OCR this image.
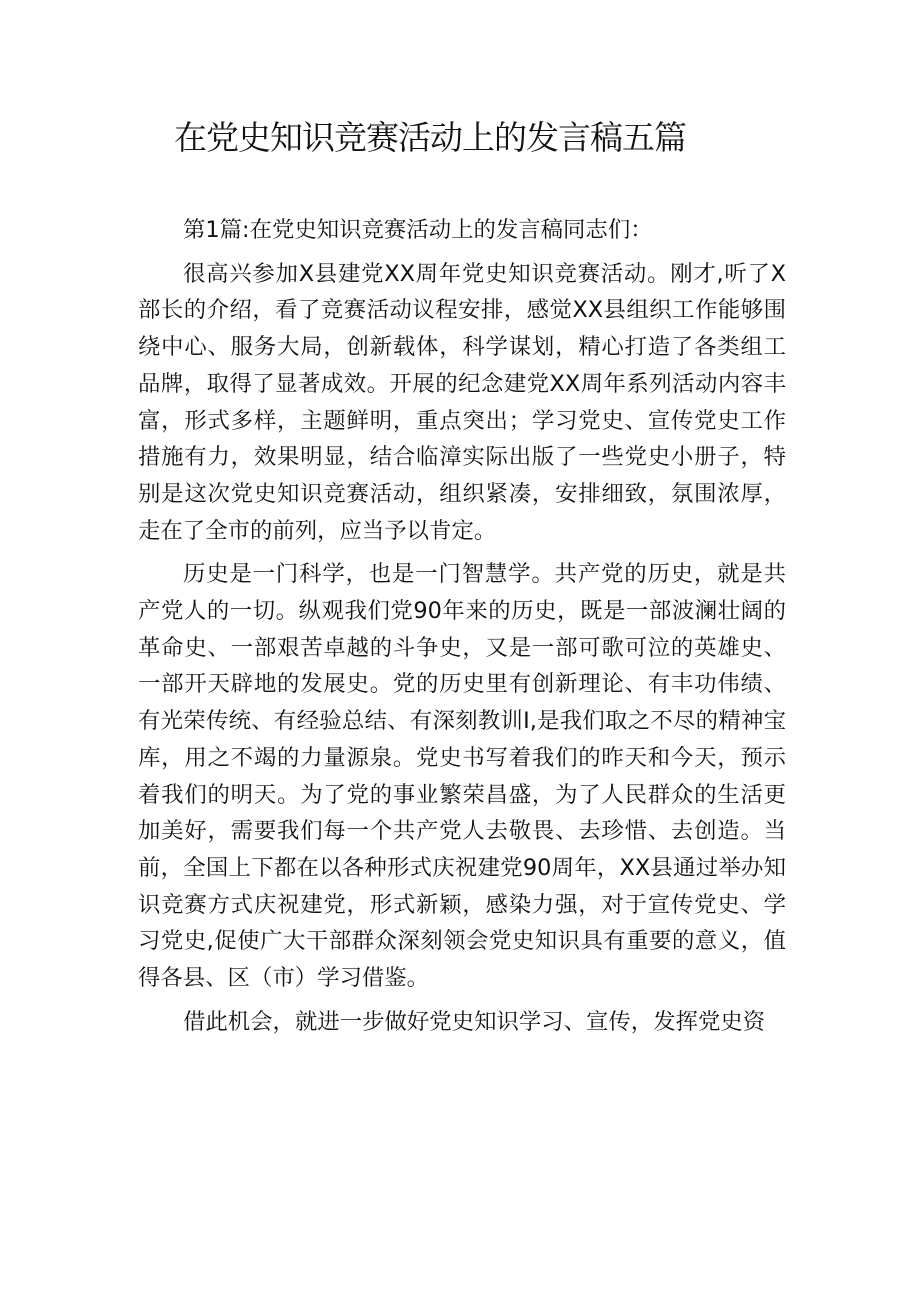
在党史知识竞赛活动上的发言稿五篇

第1篇:在党史知识竞赛活动上的发言稿同志们：

很高兴参加X县建党XX周年党史知识竞赛活动。刚才,听了X部长的介绍，看了竞赛活动议程安排，感觉XX县组织工作能够围绕中心、服务大局，创新载体，科学谋划，精心打造了各类组工品牌，取得了显著成效。开展的纪念建党XX周年系列活动内容丰富，形式多样，主题鲜明，重点突出；学习党史、宣传党史工作措施有力，效果明显，结合临漳实际出版了一些党史小册子，特别是这次党史知识竞赛活动，组织紧凑，安排细致，氛围浓厚，走在了全市的前列，应当予以肯定。

历史是一门科学，也是一门智慧学。共产党的历史，就是共产党人的一切。纵观我们党90年来的历史，既是一部波澜壮阔的革命史、一部艰苦卓越的斗争史，又是一部可歌可泣的英雄史、一部开天辟地的发展史。党的历史里有创新理论、有丰功伟绩、有光荣传统、有经验总结、有深刻教训I,是我们取之不尽的精神宝库，用之不竭的力量源泉。党史书写着我们的昨天和今天，预示着我们的明天。为了党的事业繁荣昌盛，为了人民群众的生活更加美好，需要我们每一个共产党人去敬畏、去珍惜、去创造。当前，全国上下都在以各种形式庆祝建党90周年，XX县通过举办知识竞赛方式庆祝建党，形式新颖，感染力强，对于宣传党史、学习党史,促使广大干部群众深刻领会党史知识具有重要的意义，值得各县、区（市）学习借鉴。

借此机会，就进一步做好党史知识学习、宣传，发挥党史资
